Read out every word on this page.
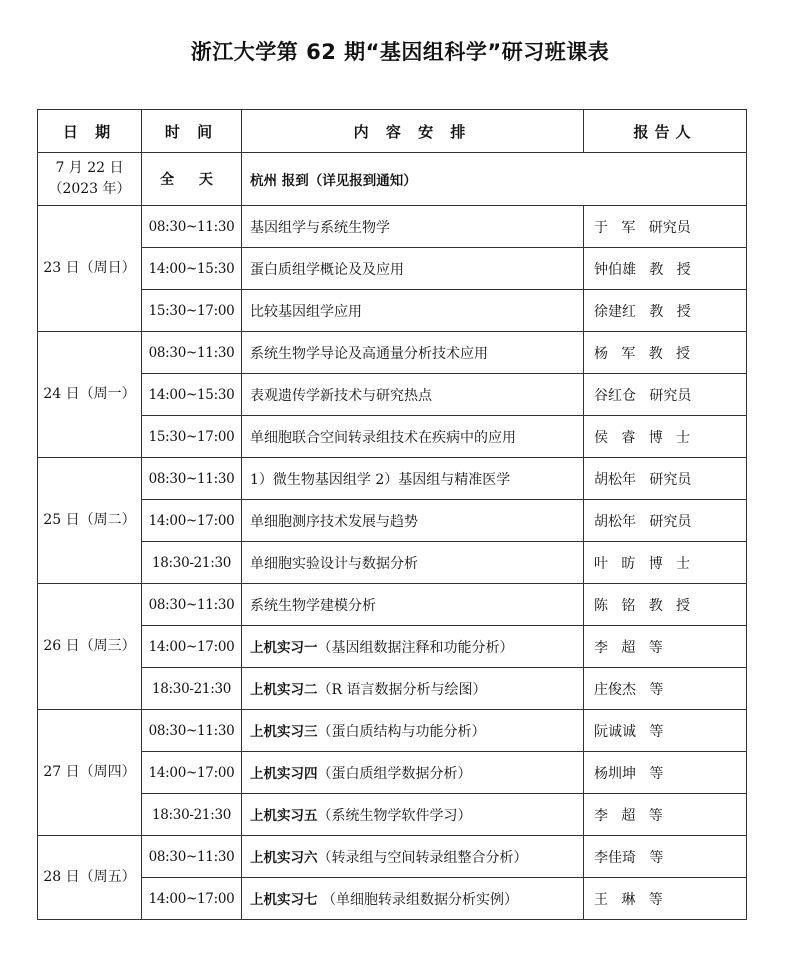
浙江大学第 62 期“基因组科学”研习班课表
日 期	时 间	内 容 安 排	报告人

7 月 22 日
（2023 年）	全 天	杭州 报到（详见报到通知）	
23 日（周日）	08:30~11:30	基因组学与系统生物学	于   军   研究员
	14:00~15:30	蛋白质组学概论及及应用	钟伯雄   教   授
	15:30~17:00	比较基因组学应用	徐建红   教   授
24 日（周一）	08:30~11:30	系统生物学导论及高通量分析技术应用	杨   军   教   授
	14:00~15:30	表观遗传学新技术与研究热点	谷红仓   研究员
	15:30~17:00	单细胞联合空间转录组技术在疾病中的应用	侯   睿   博   士
25 日（周二）	08:30~11:30	1）微生物基因组学 2）基因组与精准医学	胡松年   研究员
	14:00~17:00	单细胞测序技术发展与趋势	胡松年   研究员
	18:30-21:30	单细胞实验设计与数据分析	叶   昉   博   士
26 日（周三）	08:30~11:30	系统生物学建模分析	陈   铭   教   授
	14:00~17:00	上机实习一（基因组数据注释和功能分析）	李   超   等
	18:30-21:30	上机实习二（R 语言数据分析与绘图）	庄俊杰   等
27 日（周四）	08:30~11:30	上机实习三（蛋白质结构与功能分析）	阮诚诚   等
	14:00~17:00	上机实习四（蛋白质组学数据分析）	杨圳坤   等
	18:30-21:30	上机实习五（系统生物学软件学习）	李   超   等
28 日（周五）	08:30~11:30	上机实习六（转录组与空间转录组整合分析）	李佳琦   等
	14:00~17:00	上机实习七 （单细胞转录组数据分析实例）	王   琳   等
